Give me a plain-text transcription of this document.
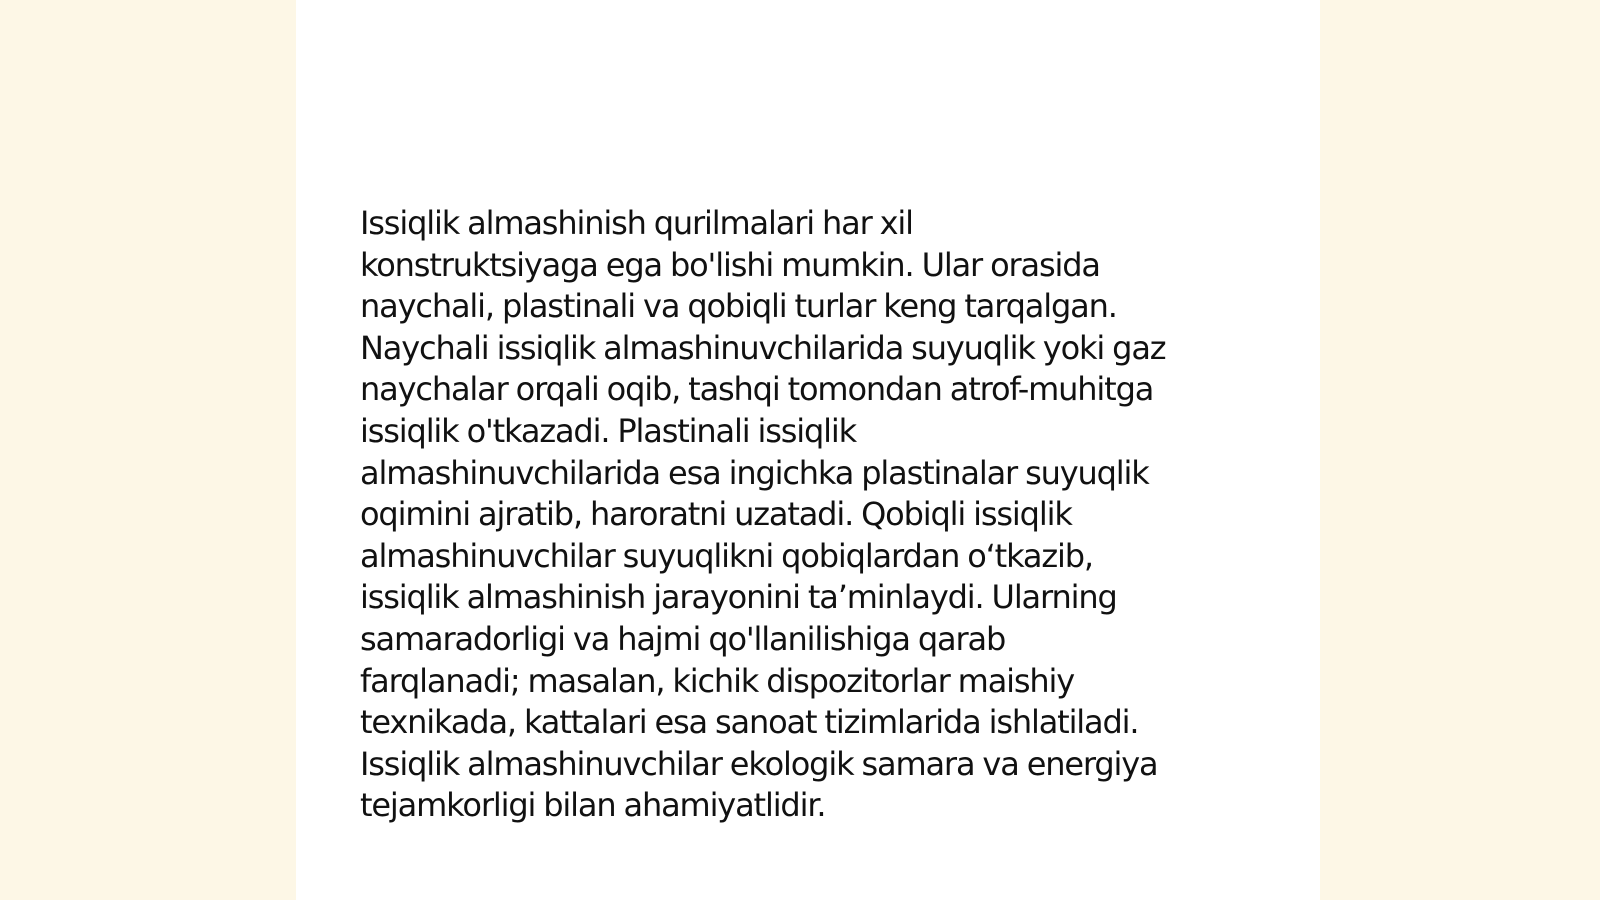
Issiqlik almashinish qurilmalari har xil
konstruktsiyaga ega bo'lishi mumkin. Ular orasida
naychali, plastinali va qobiqli turlar keng tarqalgan.
Naychali issiqlik almashinuvchilarida suyuqlik yoki gaz
naychalar orqali oqib, tashqi tomondan atrof-muhitga
issiqlik o'tkazadi. Plastinali issiqlik
almashinuvchilarida esa ingichka plastinalar suyuqlik
oqimini ajratib, haroratni uzatadi. Qobiqli issiqlik
almashinuvchilar suyuqlikni qobiqlardan o‘tkazib,
issiqlik almashinish jarayonini ta’minlaydi. Ularning
samaradorligi va hajmi qo'llanilishiga qarab
farqlanadi; masalan, kichik dispozitorlar maishiy
texnikada, kattalari esa sanoat tizimlarida ishlatiladi.
Issiqlik almashinuvchilar ekologik samara va energiya
tejamkorligi bilan ahamiyatlidir.
